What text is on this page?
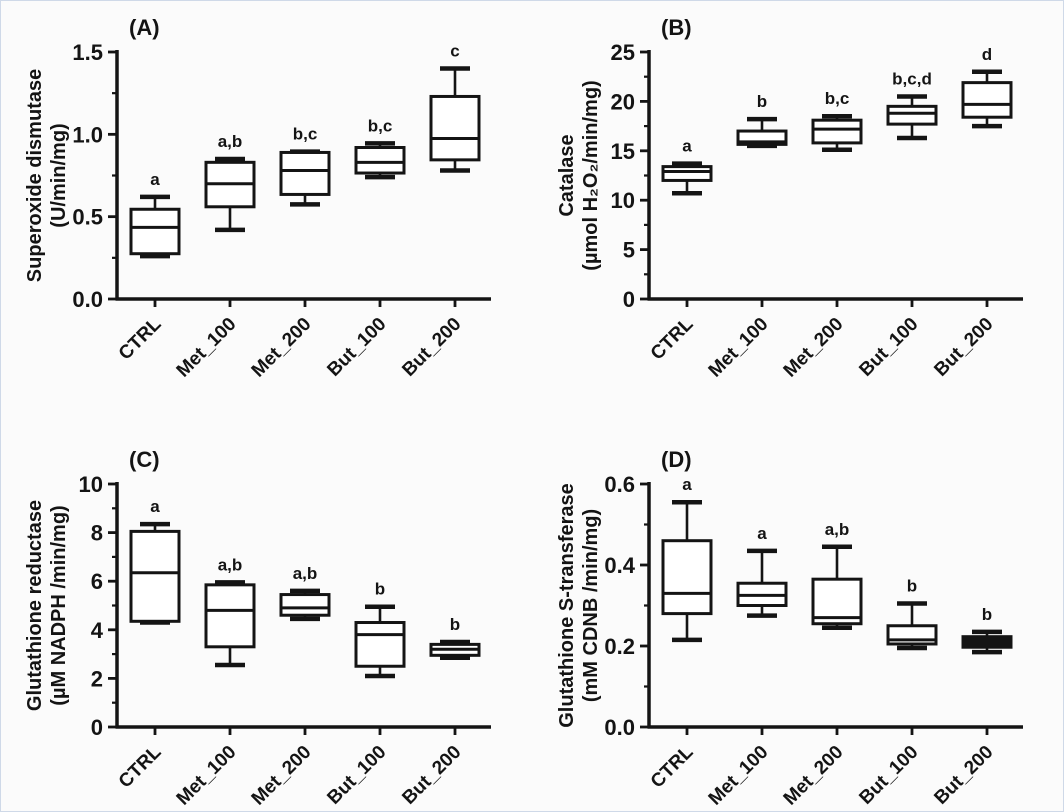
(A)
Superoxide dismutase (U/min/mg)
0.0
0.5
1.0
1.5
CTRL
a
Met_100
a,b
Met_200
b,c
But_100
b,c
But_200
c
(B)
Catalase (µmol H₂O₂/min/mg)
0
5
10
15
20
25
CTRL
a
Met_100
b
Met_200
b,c
But_100
b,c,d
But_200
d
(C)
Glutathione reductase (µM NADPH /min/mg)
0
2
4
6
8
10
CTRL
a
Met_100
a,b
Met_200
a,b
But_100
b
But_200
b
(D)
Glutathione S-transferase (mM CDNB /min/mg)
0.0
0.2
0.4
0.6
CTRL
a
Met_100
a
Met_200
a,b
But_100
b
But_200
b
